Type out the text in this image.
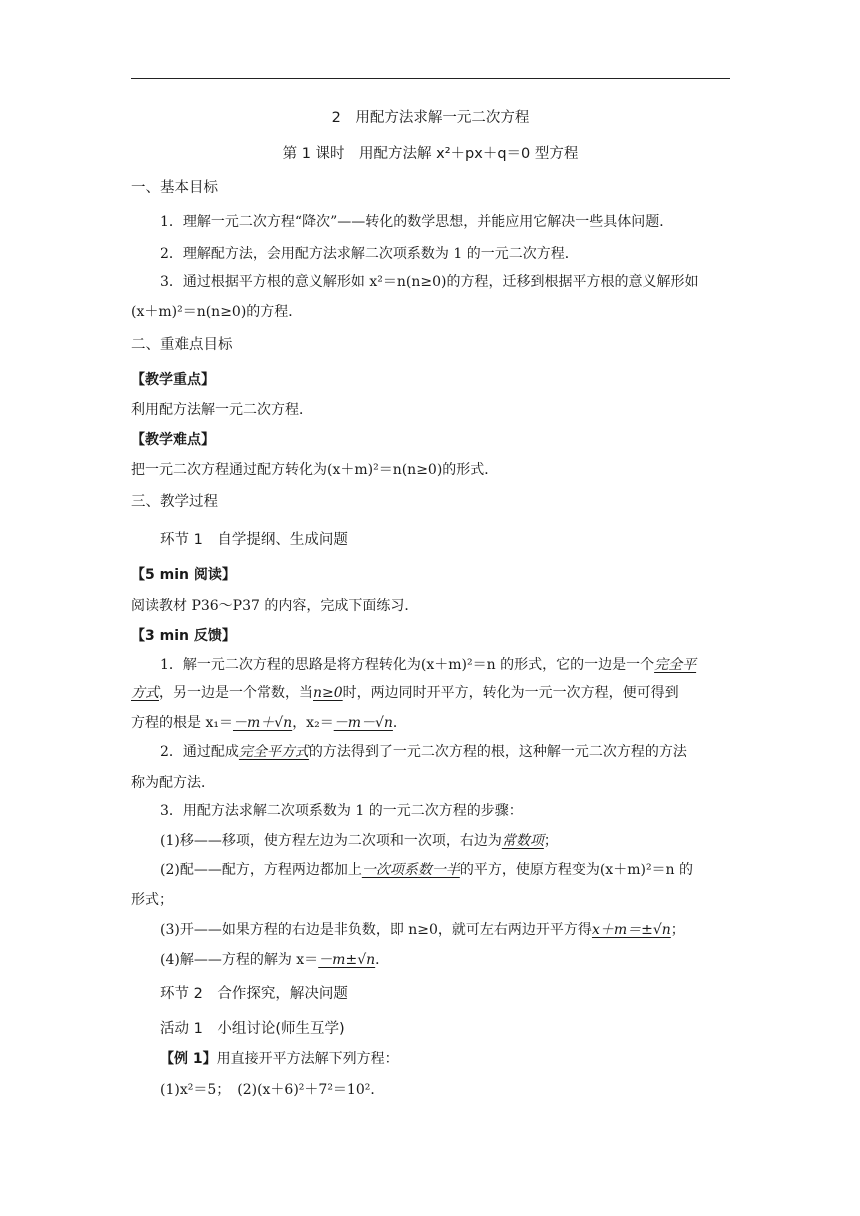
2　用配方法求解一元二次方程
第 1 课时　用配方法解 x²＋px＋q＝0 型方程
一、基本目标
1．理解一元二次方程“降次”——转化的数学思想，并能应用它解决一些具体问题．
2．理解配方法，会用配方法求解二次项系数为 1 的一元二次方程．
3．通过根据平方根的意义解形如 x²＝n(n≥0)的方程，迁移到根据平方根的意义解形如
(x＋m)²＝n(n≥0)的方程．
二、重难点目标
【教学重点】
利用配方法解一元二次方程．
【教学难点】
把一元二次方程通过配方转化为(x＋m)²＝n(n≥0)的形式．
三、教学过程
环节 1　自学提纲、生成问题
【5 min 阅读】
阅读教材 P36～P37 的内容，完成下面练习．
【3 min 反馈】
1．解一元二次方程的思路是将方程转化为(x＋m)²＝n 的形式，它的一边是一个完全平
方式，另一边是一个常数，当n≥0时，两边同时开平方，转化为一元一次方程，便可得到
方程的根是 x₁＝－m＋√n，x₂＝－m－√n．
2．通过配成完全平方式的方法得到了一元二次方程的根，这种解一元二次方程的方法
称为配方法．
3．用配方法求解二次项系数为 1 的一元二次方程的步骤：
(1)移——移项，使方程左边为二次项和一次项，右边为常数项；
(2)配——配方，方程两边都加上一次项系数一半的平方，使原方程变为(x＋m)²＝n 的
形式；
(3)开——如果方程的右边是非负数，即 n≥0，就可左右两边开平方得x＋m＝±√n；
(4)解——方程的解为 x＝－m±√n．
环节 2　合作探究，解决问题
活动 1　小组讨论(师生互学)
【例 1】用直接开平方法解下列方程：
(1)x²＝5；　(2)(x＋6)²＋7²＝10²．
